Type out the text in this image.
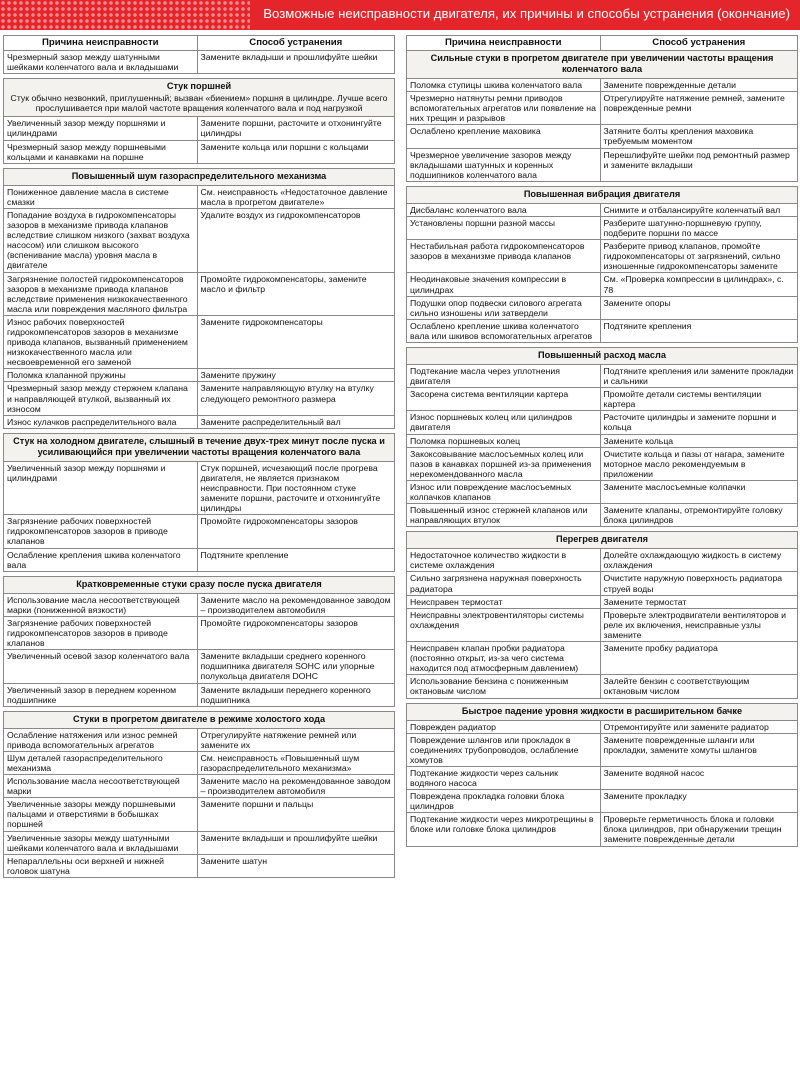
Возможные неисправности двигателя, их причины и способы устранения (окончание)
Причина неисправности	Способ устранения
Чрезмерный зазор между шатунными шейками коленчатого вала и вкладышами	Замените вкладыши и прошлифуйте шейки

Стук поршней
Стук обычно незвонкий, приглушенный; вызван «биением» поршня в цилиндре. Лучше всего прослушивается при малой частоте вращения коленчатого вала и под нагрузкой	

Увеличенный зазор между поршнями и цилиндрами	Замените поршни, расточите и отхонингуйте цилиндры
Чрезмерный зазор между поршневыми кольцами и канавками на поршне	Замените кольца или поршни с кольцами

Повышенный шум газораспределительного механизма	
Пониженное давление масла в системе смазки	См. неисправность «Недостаточное давление масла в прогретом двигателе»
Попадание воздуха в гидрокомпенсаторы зазоров в механизме привода клапанов вследствие слишком низкого (захват воздуха насосом) или слишком высокого (вспенивание масла) уровня масла в двигателе	Удалите воздух из гидрокомпенсаторов
Загрязнение полостей гидрокомпенсаторов зазоров в механизме привода клапанов вследствие применения низкокачественного масла или повреждения масляного фильтра	Промойте гидрокомпенсаторы, замените масло и фильтр
Износ рабочих поверхностей гидрокомпенсаторов зазоров в механизме привода клапанов, вызванный применением низкокачественного масла или несвоевременной его заменой	Замените гидрокомпенсаторы
Поломка клапанной пружины	Замените пружину
Чрезмерный зазор между стержнем клапана и направляющей втулкой, вызванный их износом	Замените направляющую втулку на втулку следующего ремонтного размера
Износ кулачков распределительного вала	Замените распределительный вал

Стук на холодном двигателе, слышный в течение двух-трех минут после пуска и усиливающийся при увеличении частоты вращения коленчатого вала	
Увеличенный зазор между поршнями и цилиндрами	Стук поршней, исчезающий после прогрева двигателя, не является признаком неисправности. При постоянном стуке замените поршни, расточите и отхонингуйте цилиндры
Загрязнение рабочих поверхностей гидрокомпенсаторов зазоров в приводе клапанов	Промойте гидрокомпенсаторы зазоров
Ослабление крепления шкива коленчатого вала	Подтяните крепление

Кратковременные стуки сразу после пуска двигателя	
Использование масла несоответствующей марки (пониженной вязкости)	Замените масло на рекомендованное заводом – производителем автомобиля
Загрязнение рабочих поверхностей гидрокомпенсаторов зазоров в приводе клапанов	Промойте гидрокомпенсаторы зазоров
Увеличенный осевой зазор коленчатого вала	Замените вкладыши среднего коренного подшипника двигателя SOHC или упорные полукольца двигателя DOHC
Увеличенный зазор в переднем коренном подшипнике	Замените вкладыши переднего коренного подшипника

Стуки в прогретом двигателе в режиме холостого хода	
Ослабление натяжения или износ ремней привода вспомогательных агрегатов	Отрегулируйте натяжение ремней или замените их
Шум деталей газораспределительного механизма	См. неисправность «Повышенный шум газораспределительного механизма»
Использование масла несоответствующей марки	Замените масло на рекомендованное заводом – производителем автомобиля
Увеличенные зазоры между поршневыми пальцами и отверстиями в бобышках поршней	Замените поршни и пальцы
Увеличенные зазоры между шатунными шейками коленчатого вала и вкладышами	Замените вкладыши и прошлифуйте шейки
Непараллельны оси верхней и нижней головок шатуна	Замените шатун
Причина неисправности	Способ устранения
Сильные стуки в прогретом двигателе при увеличении частоты вращения коленчатого вала	
Поломка ступицы шкива коленчатого вала	Замените поврежденные детали
Чрезмерно натянуты ремни приводов вспомогательных агрегатов или появление на них трещин и разрывов	Отрегулируйте натяжение ремней, замените поврежденные ремни
Ослаблено крепление маховика	Затяните болты крепления маховика требуемым моментом
Чрезмерное увеличение зазоров между вкладышами шатунных и коренных подшипников коленчатого вала	Перешлифуйте шейки под ремонтный размер и замените вкладыши

Повышенная вибрация двигателя	
Дисбаланс коленчатого вала	Снимите и отбалансируйте коленчатый вал
Установлены поршни разной массы	Разберите шатунно-поршневую группу, подберите поршни по массе
Нестабильная работа гидрокомпенсаторов зазоров в механизме привода клапанов	Разберите привод клапанов, промойте гидрокомпенсаторы от загрязнений, сильно изношенные гидрокомпенсаторы замените
Неодинаковые значения компрессии в цилиндрах	См. «Проверка компрессии в цилиндрах», с. 78
Подушки опор подвески силового агрегата сильно изношены или затвердели	Замените опоры
Ослаблено крепление шкива коленчатого вала или шкивов вспомогательных агрегатов	Подтяните крепления

Повышенный расход масла	
Подтекание масла через уплотнения двигателя	Подтяните крепления или замените прокладки и сальники
Засорена система вентиляции картера	Промойте детали системы вентиляции картера
Износ поршневых колец или цилиндров двигателя	Расточите цилиндры и замените поршни и кольца
Поломка поршневых колец	Замените кольца
Закоксовывание маслосъемных колец или пазов в канавках поршней из-за применения нерекомендованного масла	Очистите кольца и пазы от нагара, замените моторное масло рекомендуемым в приложении
Износ или повреждение маслосъемных колпачков клапанов	Замените маслосъемные колпачки
Повышенный износ стержней клапанов или направляющих втулок	Замените клапаны, отремонтируйте головку блока цилиндров

Перегрев двигателя	
Недостаточное количество жидкости в системе охлаждения	Долейте охлаждающую жидкость в систему охлаждения
Сильно загрязнена наружная поверхность радиатора	Очистите наружную поверхность радиатора струей воды
Неисправен термостат	Замените термостат
Неисправны электровентиляторы системы охлаждения	Проверьте электродвигатели вентиляторов и реле их включения, неисправные узлы замените
Неисправен клапан пробки радиатора (постоянно открыт, из-за чего система находится под атмосферным давлением)	Замените пробку радиатора
Использование бензина с пониженным октановым числом	Залейте бензин с соответствующим октановым числом

Быстрое падение уровня жидкости в расширительном бачке	
Поврежден радиатор	Отремонтируйте или замените радиатор
Повреждение шлангов или прокладок в соединениях трубопроводов, ослабление хомутов	Замените поврежденные шланги или прокладки, замените хомуты шлангов
Подтекание жидкости через сальник водяного насоса	Замените водяной насос
Повреждена прокладка головки блока цилиндров	Замените прокладку
Подтекание жидкости через микротрещины в блоке или головке блока цилиндров	Проверьте герметичность блока и головки блока цилиндров, при обнаружении трещин замените поврежденные детали
